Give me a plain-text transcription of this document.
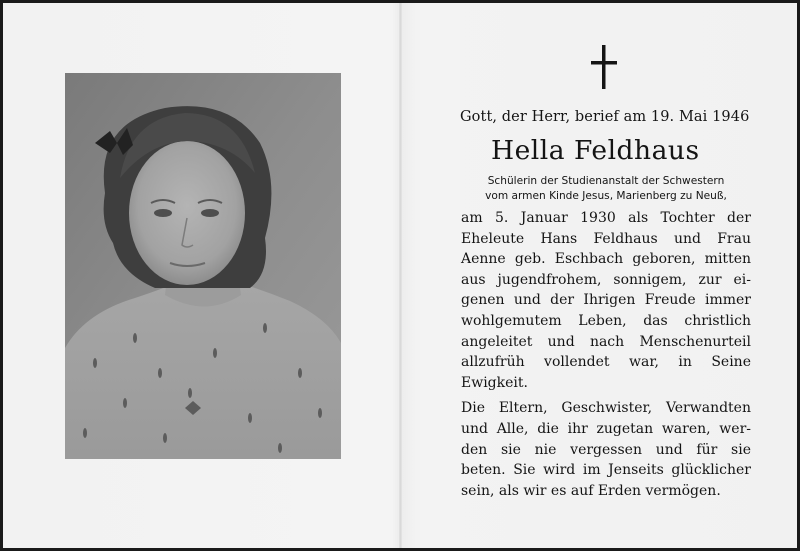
Gott, der Herr, berief am 19. Mai 1946
Hella Feldhaus
Schülerin der Studienanstalt der Schwestern
vom armen Kinde Jesus, Marienberg zu Neuß,
am 5. Januar 1930 als Tochter der
Eheleute Hans Feldhaus und Frau
Aenne geb. Eschbach geboren, mitten
aus jugendfrohem, sonnigem, zur ei-
genen und der Ihrigen Freude immer
wohlgemutem Leben, das christlich
angeleitet und nach Menschenurteil
allzufrüh vollendet war, in Seine
Ewigkeit.
Die Eltern, Geschwister, Verwandten
und Alle, die ihr zugetan waren, wer-
den sie nie vergessen und für sie
beten. Sie wird im Jenseits glücklicher
sein, als wir es auf Erden vermögen.
